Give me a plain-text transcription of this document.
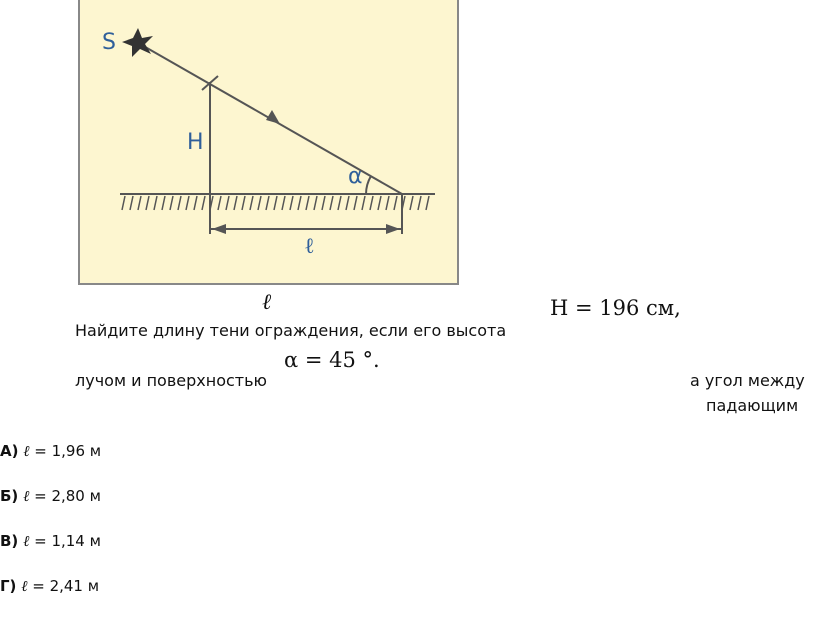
S
H
α
ℓ
ℓ	H = 196 см,
Найдите длину тени ограждения, если его высота
α = 45 °.
лучом и поверхностью	а угол между
падающим
А) ℓ = 1,96 м
Б) ℓ = 2,80 м
В) ℓ = 1,14 м
Г) ℓ = 2,41 м
